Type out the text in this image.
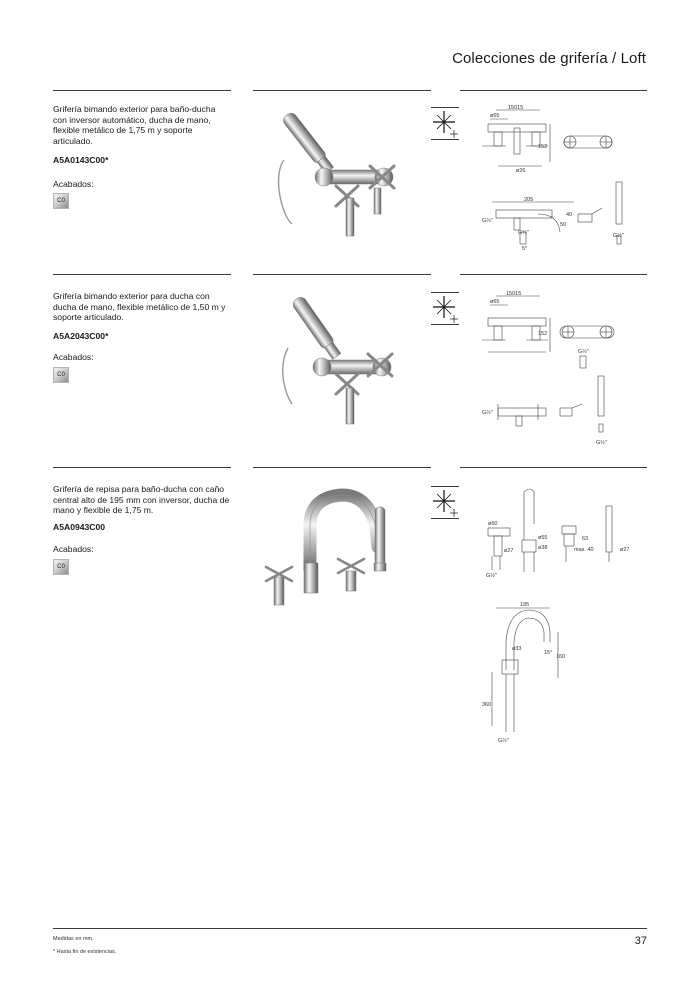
Colecciones de grifería / Loft
Grifería bimando exterior para baño-ducha con inversor automático, ducha de mano, flexible metálico de 1,75 m y soporte articulado.
A5A0143C00*
Acabados:
C0
15015
ø65
152
ø26
205
40
50
5°
G½"
G½"	G½"
Grifería bimando exterior para ducha con ducha de mano, flexible metálico de 1,50 m y soporte articulado.
A5A2043C00*
Acabados:
C0
15015
ø65
152
G½"
G½"
G½"
Grifería de repisa para baño-ducha con caño central alto de 195 mm con inversor, ducha de mano y flexible de 1,75 m.
A5A0943C00
Acabados:
C0
ø60
ø27
ø55
ø38
63
max. 40	ø27
G½"
195
ø33
15°
160
360
G½"
Medidas en mm.
* Hasta fin de existencias.
37
